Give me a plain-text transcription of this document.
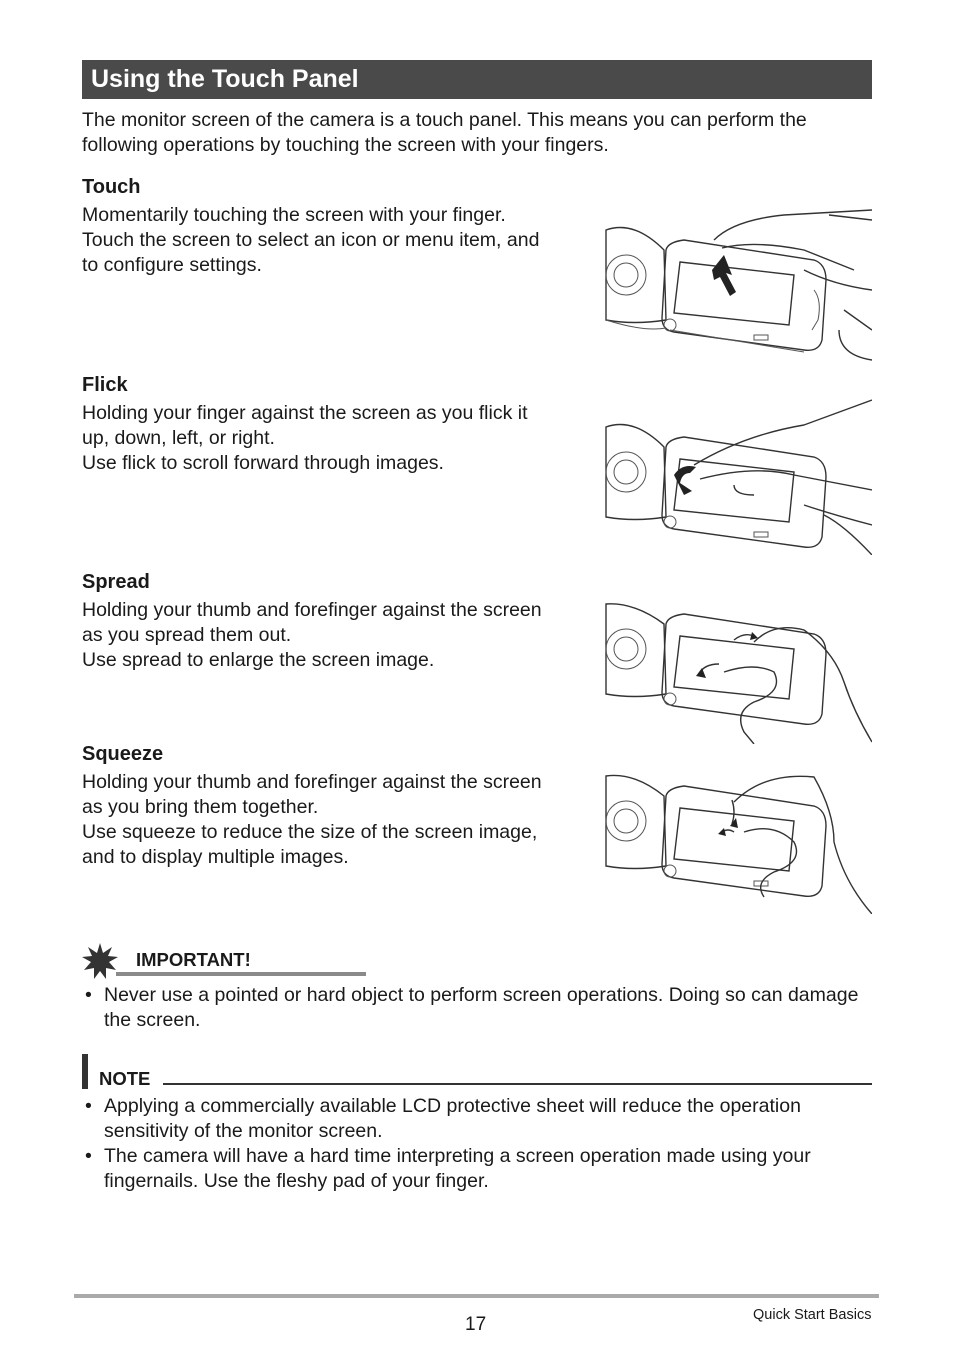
Using the Touch Panel
The monitor screen of the camera is a touch panel. This means you can perform the following operations by touching the screen with your fingers.
Touch
Momentarily touching the screen with your finger.
Touch the screen to select an icon or menu item, and
to configure settings.
Flick
Holding your finger against the screen as you flick it
up, down, left, or right.
Use flick to scroll forward through images.
Spread
Holding your thumb and forefinger against the screen
as you spread them out.
Use spread to enlarge the screen image.
Squeeze
Holding your thumb and forefinger against the screen
as you bring them together.
Use squeeze to reduce the size of the screen image,
and to display multiple images.
IMPORTANT!
• Never use a pointed or hard object to perform screen operations. Doing so can damage the screen.
NOTE
• Applying a commercially available LCD protective sheet will reduce the operation sensitivity of the monitor screen.
• The camera will have a hard time interpreting a screen operation made using your fingernails. Use the fleshy pad of your finger.
17	Quick Start Basics
